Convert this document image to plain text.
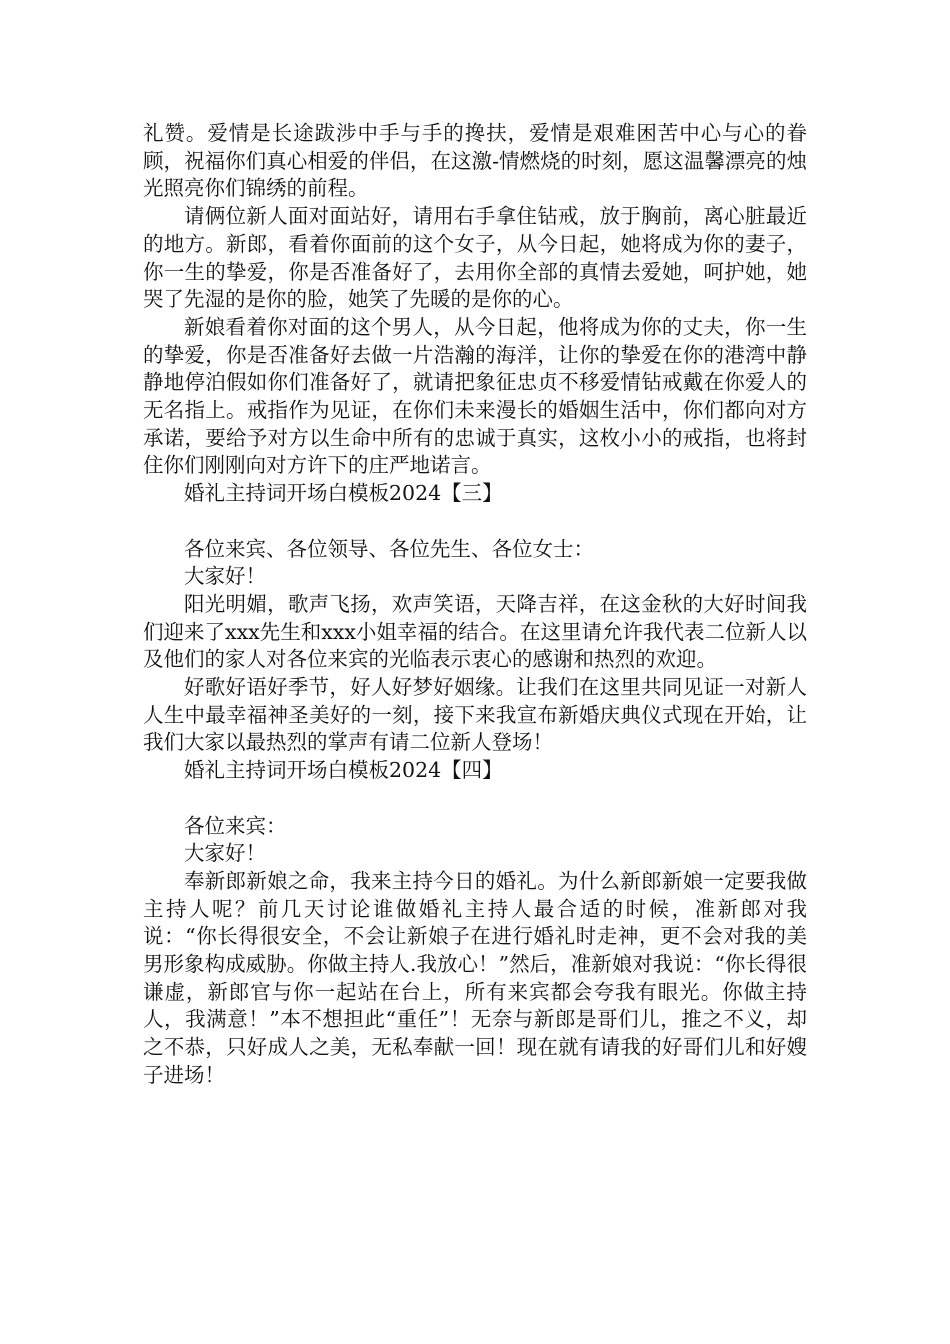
礼赞。爱情是长途跋涉中手与手的搀扶，爱情是艰难困苦中心与心的眷顾，祝福你们真心相爱的伴侣，在这激-情燃烧的时刻，愿这温馨漂亮的烛光照亮你们锦绣的前程。

请俩位新人面对面站好，请用右手拿住钻戒，放于胸前，离心脏最近的地方。新郎，看着你面前的这个女子，从今日起，她将成为你的妻子，你一生的挚爱，你是否准备好了，去用你全部的真情去爱她，呵护她，她哭了先湿的是你的脸，她笑了先暖的是你的心。

新娘看着你对面的这个男人，从今日起，他将成为你的丈夫，你一生的挚爱，你是否准备好去做一片浩瀚的海洋，让你的挚爱在你的港湾中静静地停泊假如你们准备好了，就请把象征忠贞不移爱情钻戒戴在你爱人的无名指上。戒指作为见证，在你们未来漫长的婚姻生活中，你们都向对方承诺，要给予对方以生命中所有的忠诚于真实，这枚小小的戒指，也将封住你们刚刚向对方许下的庄严地诺言。

婚礼主持词开场白模板2024【三】

各位来宾、各位领导、各位先生、各位女士：

大家好！

阳光明媚，歌声飞扬，欢声笑语，天降吉祥，在这金秋的大好时间我们迎来了xxx先生和xxx小姐幸福的结合。在这里请允许我代表二位新人以及他们的家人对各位来宾的光临表示衷心的感谢和热烈的欢迎。

好歌好语好季节，好人好梦好姻缘。让我们在这里共同见证一对新人人生中最幸福神圣美好的一刻，接下来我宣布新婚庆典仪式现在开始，让我们大家以最热烈的掌声有请二位新人登场！

婚礼主持词开场白模板2024【四】

各位来宾：

大家好！

奉新郎新娘之命，我来主持今日的婚礼。为什么新郎新娘一定要我做主持人呢？前几天讨论谁做婚礼主持人最合适的时候，准新郎对我说：“你长得很安全，不会让新娘子在进行婚礼时走神，更不会对我的美男形象构成威胁。你做主持人.我放心！”然后，准新娘对我说：“你长得很谦虚，新郎官与你一起站在台上，所有来宾都会夸我有眼光。你做主持人，我满意！”本不想担此“重任”！无奈与新郎是哥们儿，推之不义，却之不恭，只好成人之美，无私奉献一回！现在就有请我的好哥们儿和好嫂子进场！
